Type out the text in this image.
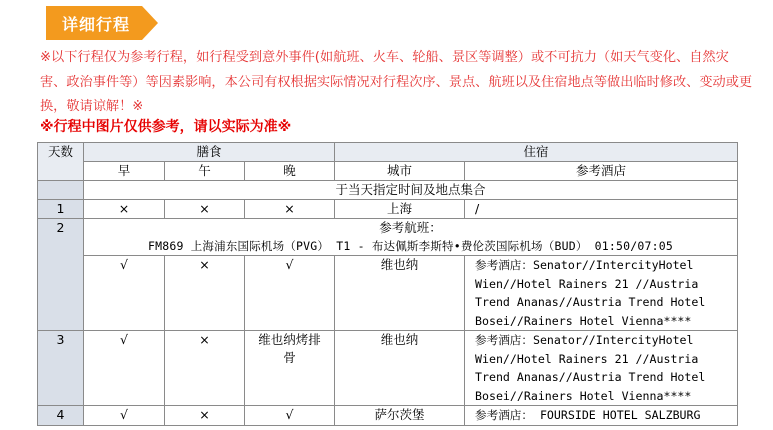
详细行程
※以下行程仅为参考行程，如行程受到意外事件(如航班、火车、轮船、景区等调整）或不可抗力（如天气变化、自然灾害、政治事件等）等因素影响，本公司有权根据实际情况对行程次序、景点、航班以及住宿地点等做出临时修改、变动或更换，敬请谅解！※
※行程中图片仅供参考，请以实际为准※
天数	膳食			住宿	
	早	午	晚	城市	参考酒店
	于当天指定时间及地点集合				
1	×	×	×	上海	/
2	参考航班：
FM869 上海浦东国际机场（PVG） T1 - 布达佩斯李斯特•费伦茨国际机场（BUD） 01:50/07:05				

	√	×	√	维也纳	参考酒店：Senator//IntercityHotel Wien//Hotel Rainers 21 //Austria Trend Ananas//Austria Trend Hotel Bosei//Rainers Hotel Vienna****
3	√	×	维也纳烤排骨	维也纳	参考酒店：Senator//IntercityHotel Wien//Hotel Rainers 21 //Austria Trend Ananas//Austria Trend Hotel Bosei//Rainers Hotel Vienna****
4	√	×	√	萨尔茨堡	参考酒店： FOURSIDE HOTEL SALZBURG
